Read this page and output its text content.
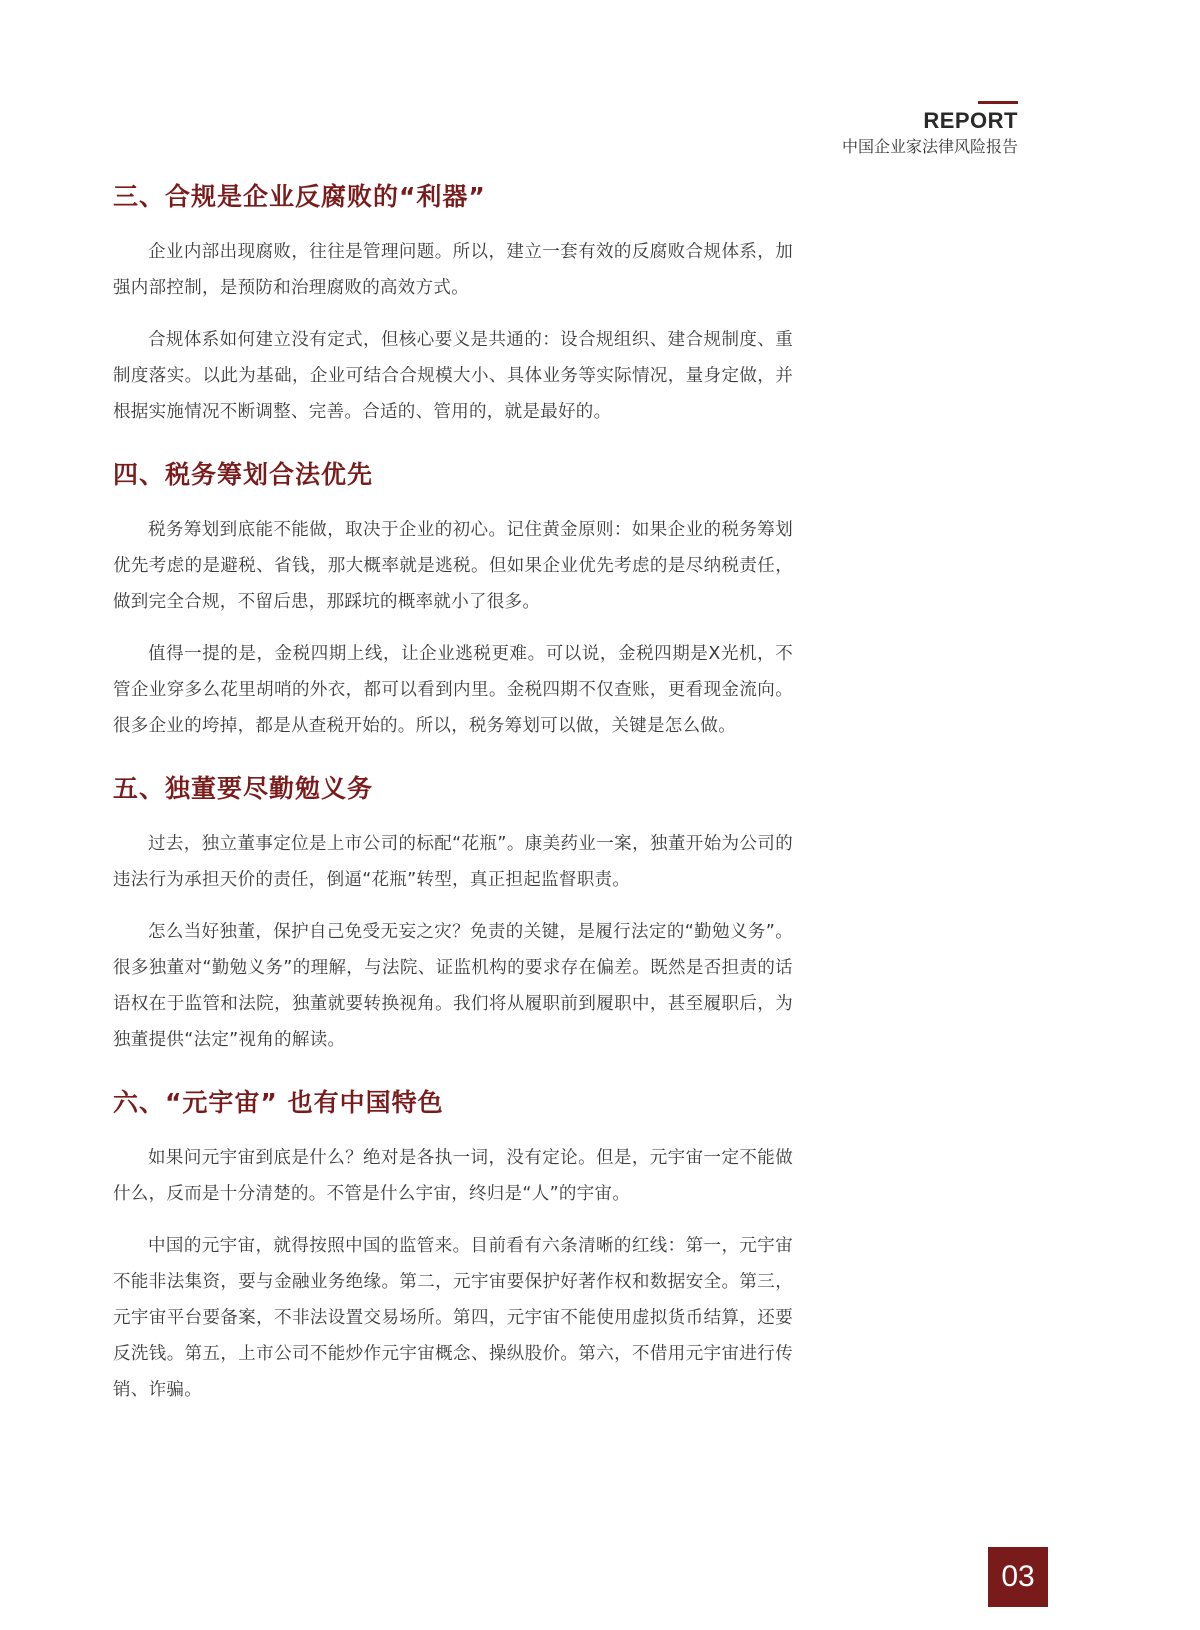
REPORT
中国企业家法律风险报告
三、合规是企业反腐败的“利器”

企业内部出现腐败，往往是管理问题。所以，建立一套有效的反腐败合规体系，加强内部控制，是预防和治理腐败的高效方式。

合规体系如何建立没有定式，但核心要义是共通的：设合规组织、建合规制度、重制度落实。以此为基础，企业可结合合规模大小、具体业务等实际情况，量身定做，并根据实施情况不断调整、完善。合适的、管用的，就是最好的。

四、税务筹划合法优先

税务筹划到底能不能做，取决于企业的初心。记住黄金原则：如果企业的税务筹划优先考虑的是避税、省钱，那大概率就是逃税。但如果企业优先考虑的是尽纳税责任，做到完全合规，不留后患，那踩坑的概率就小了很多。

值得一提的是，金税四期上线，让企业逃税更难。可以说，金税四期是X光机，不管企业穿多么花里胡哨的外衣，都可以看到内里。金税四期不仅查账，更看现金流向。很多企业的垮掉，都是从查税开始的。所以，税务筹划可以做，关键是怎么做。

五、独董要尽勤勉义务

过去，独立董事定位是上市公司的标配“花瓶”。康美药业一案，独董开始为公司的违法行为承担天价的责任，倒逼“花瓶”转型，真正担起监督职责。

怎么当好独董，保护自己免受无妄之灾？免责的关键，是履行法定的“勤勉义务”。很多独董对“勤勉义务”的理解，与法院、证监机构的要求存在偏差。既然是否担责的话语权在于监管和法院，独董就要转换视角。我们将从履职前到履职中，甚至履职后，为独董提供“法定”视角的解读。

六、“元宇宙” 也有中国特色

如果问元宇宙到底是什么？绝对是各执一词，没有定论。但是，元宇宙一定不能做什么，反而是十分清楚的。不管是什么宇宙，终归是“人”的宇宙。

中国的元宇宙，就得按照中国的监管来。目前看有六条清晰的红线：第一，元宇宙不能非法集资，要与金融业务绝缘。第二，元宇宙要保护好著作权和数据安全。第三，元宇宙平台要备案，不非法设置交易场所。第四，元宇宙不能使用虚拟货币结算，还要反洗钱。第五，上市公司不能炒作元宇宙概念、操纵股价。第六，不借用元宇宙进行传销、诈骗。

03
